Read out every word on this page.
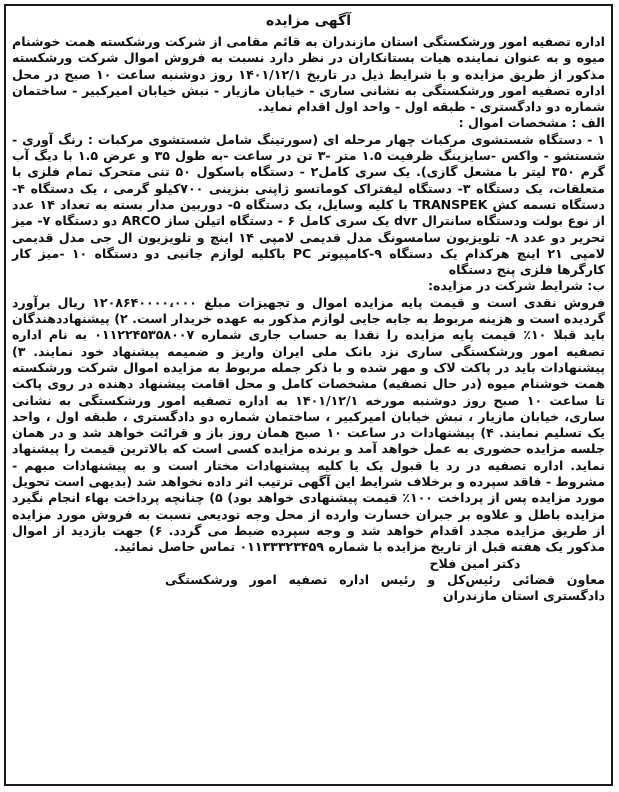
آگهی مزایده

اداره تصفیه امور ورشکستگی استان مازندران به قائم مقامی از شرکت ورشکسته همت خوشنام میوه و به عنوان نماینده هیات بستانکاران در نظر دارد نسبت به فروش اموال شرکت ورشکسته مذکور از طریق مزایده و با شرایط ذیل در تاریخ ۱۴۰۱/۱۲/۱ روز دوشنبه ساعت ۱۰ صبح در محل اداره تصفیه امور ورشکستگی به نشانی ساری - خیابان مازیار - نبش خیابان امیرکبیر - ساختمان شماره دو دادگستری - طبقه اول - واحد اول اقدام نماید.

الف : مشخصات اموال :

۱ - دستگاه شستشوی مرکبات چهار مرحله ای (سورتینگ شامل شستشوی مرکبات : رنگ آوری - شستشو - واکس -سایزینگ ظرفیت ۱.۵ متر -۳ تن در ساعت -به طول ۳۵ و عرض ۱.۵ با دیگ آب گرم ۳۵۰ لیتر با مشعل گازی). یک سری کامل۲ - دستگاه باسکول ۵۰ تنی متحرک تمام فلزی با متعلقات، یک دستگاه ۳- دستگاه لیفتراک کوماتسو ژاپنی بنزینی ۷۰۰کیلو گرمی ، یک دستگاه ۴- دستگاه تسمه کش TRANSPEK با کلیه وسایل، یک دستگاه ۵- دوربین مدار بسته به تعداد ۱۴ عدد از نوع بولت ودستگاه سانترال dvr یک سری کامل ۶ - دستگاه اتیلن ساز ARCO دو دستگاه ۷- میز تحریر دو عدد ۸- تلویزیون سامسونگ مدل قدیمی لامپی ۱۴ اینچ و تلویزیون ال جی مدل قدیمی لامپی ۲۱ اینچ هرکدام یک دستگاه ۹-کامپیوتر PC باکلیه لوازم جانبی دو دستگاه ۱۰ -میز کار کارگرها فلزی پنج دستگاه

ب: شرایط شرکت در مزایده:

فروش نقدی است و قیمت پایه مزایده اموال و تجهیزات مبلغ ۱۲۰۸۶۴۰۰۰۰،۰۰۰ ریال برآورد گردیده است و هزینه مربوط به جابه جایی لوازم مذکور به عهده خریدار است. ۲) پیشنهاددهندگان باید قبلا ۱۰٪ قیمت پایه مزایده را نقدا به حساب جاری شماره ۰۱۱۲۲۴۵۳۵۸۰۰۷ به نام اداره تصفیه امور ورشکستگی ساری نزد بانک ملی ایران واریز و ضمیمه پیشنهاد خود نمایند. ۳) پیشنهادات باید در پاکت لاک و مهر شده و با ذکر جمله مربوط به مزایده اموال شرکت ورشکسته همت خوشنام میوه (در حال تصفیه) مشخصات کامل و محل اقامت پیشنهاد دهنده در روی پاکت تا ساعت ۱۰ صبح روز دوشنبه مورخه ۱۴۰۱/۱۲/۱ به اداره تصفیه امور ورشکستگی به نشانی ساری، خیابان مازیار ، نبش خیابان امیرکبیر ، ساختمان شماره دو دادگستری ، طبقه اول ، واحد یک تسلیم نمایند. ۴) پیشنهادات در ساعت ۱۰ صبح همان روز باز و قرائت خواهد شد و در همان جلسه مزایده حضوری به عمل خواهد آمد و برنده مزایده کسی است که بالاترین قیمت را پیشنهاد نماید. اداره تصفیه در رد یا قبول یک یا کلیه پیشنهادات مختار است و به پیشنهادات مبهم - مشروط - فاقد سپرده و برخلاف شرایط این آگهی ترتیب اثر داده نخواهد شد (بدیهی است تحویل مورد مزایده پس از پرداخت ۱۰۰٪ قیمت پیشنهادی خواهد بود) ۵) چنانچه پرداخت بهاء انجام نگیرد مزایده باطل و علاوه بر جبران خسارت وارده از محل وجه تودیعی نسبت به فروش مورد مزایده از طریق مزایده مجدد اقدام خواهد شد و وجه سپرده ضبط می گردد. ۶) جهت بازدید از اموال مذکور یک هفته قبل از تاریخ مزایده با شماره ۰۱۱۳۳۳۲۳۴۵۹ تماس حاصل نمائید.

دکتر امین فلاح

معاون قضائی رئیس‌کل و رئیس اداره تصفیه امور ورشکستگی دادگستری استان مازندران
